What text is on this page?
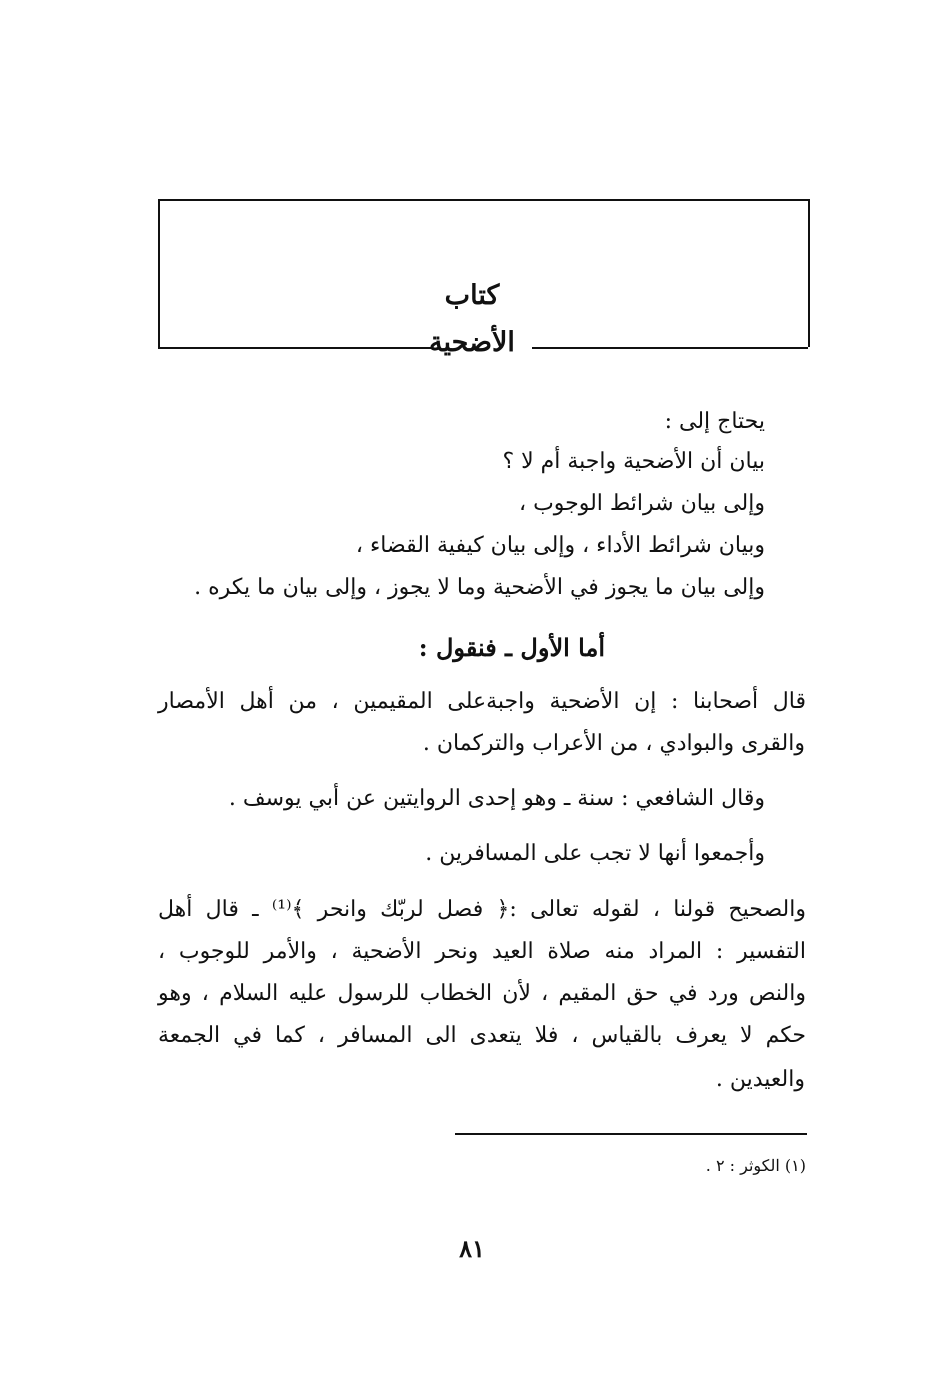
كتاب
الأضحية
يحتاج إلى :
بيان أن الأضحية واجبة أم لا ؟
وإلى بيان شرائط الوجوب ،
وبيان شرائط الأداء ، وإلى بيان كيفية القضاء ،
وإلى بيان ما يجوز في الأضحية وما لا يجوز ، وإلى بيان ما يكره .
أما الأول ـ فنقول :
قال أصحابنا : إن الأضحية واجبةعلى المقيمين ، من أهل الأمصار
والقرى والبوادي ، من الأعراب والتركمان .
وقال الشافعي : سنة ـ وهو إحدى الروايتين عن أبي يوسف .
وأجمعوا أنها لا تجب على المسافرين .
والصحيح قولنا ، لقوله تعالى :﴿ فصل لربّك وانحر ﴾⁽¹⁾ ـ قال أهل
التفسير : المراد منه صلاة العيد ونحر الأضحية ، والأمر للوجوب ،
والنص ورد في حق المقيم ، لأن الخطاب للرسول عليه السلام ، وهو
حكم لا يعرف بالقياس ، فلا يتعدى الى المسافر ، كما في الجمعة
والعيدين .
(١) الكوثر : ٢ .
٨١
